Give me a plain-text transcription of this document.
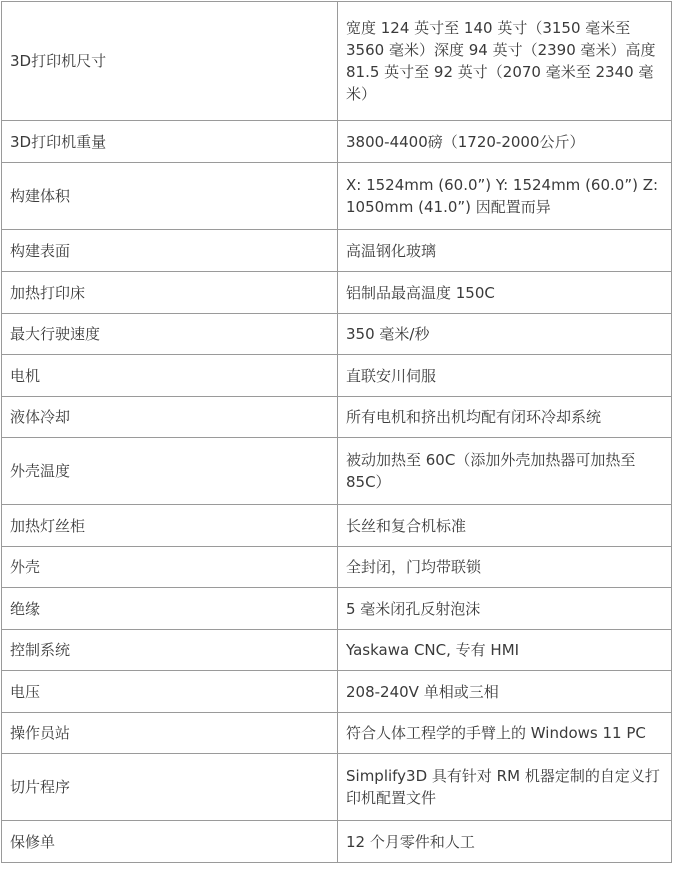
3D打印机尺寸	宽度 124 英寸至 140 英寸（3150 毫米至 3560 毫米）深度 94 英寸（2390 毫米）高度 81.5 英寸至 92 英寸（2070 毫米至 2340 毫米）
3D打印机重量	3800-4400磅（1720-2000公斤）
构建体积	X: 1524mm (60.0”) Y: 1524mm (60.0”) Z: 1050mm (41.0”) 因配置而异
构建表面	高温钢化玻璃
加热打印床	铝制品最高温度 150C
最大行驶速度	350 毫米/秒
电机	直联安川伺服
液体冷却	所有电机和挤出机均配有闭环冷却系统
外壳温度	被动加热至 60C（添加外壳加热器可加热至 85C）
加热灯丝柜	长丝和复合机标准
外壳	全封闭，门均带联锁
绝缘	5 毫米闭孔反射泡沫
控制系统	Yaskawa CNC, 专有 HMI
电压	208-240V 单相或三相
操作员站	符合人体工程学的手臂上的 Windows 11 PC
切片程序	Simplify3D 具有针对 RM 机器定制的自定义打印机配置文件
保修单	12 个月零件和人工
